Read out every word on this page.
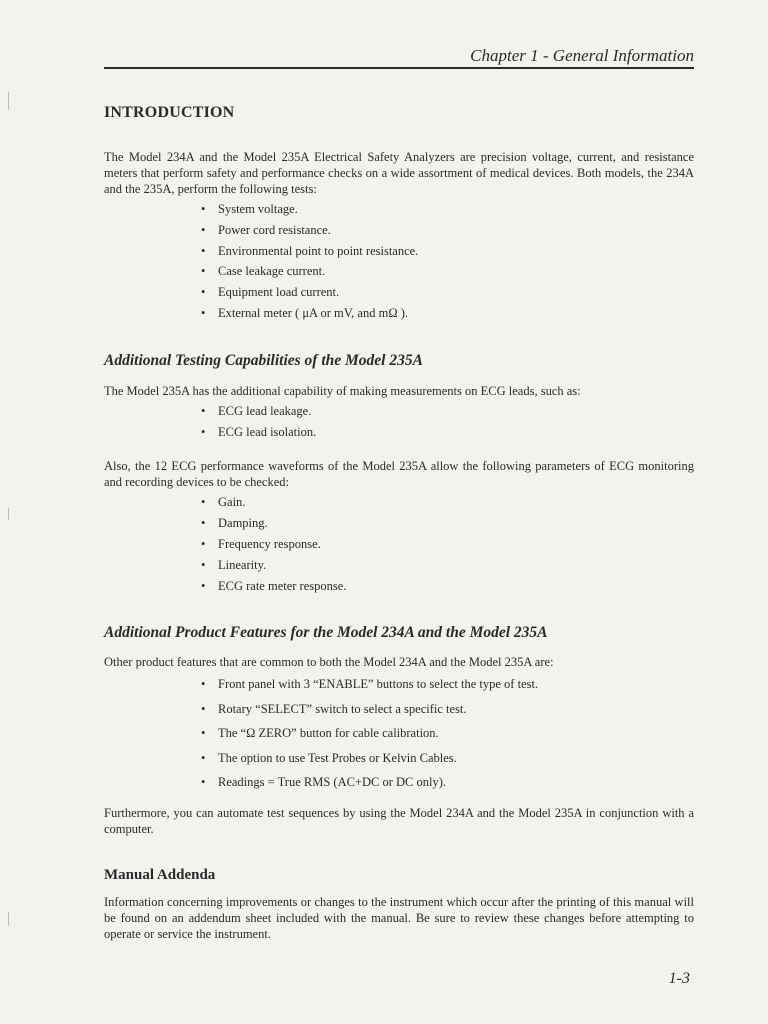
Chapter 1 - General Information
INTRODUCTION

The Model 234A and the Model 235A Electrical Safety Analyzers are precision voltage, current, and resistance meters that perform safety and performance checks on a wide assortment of medical devices. Both models, the 234A and the 235A, perform the following tests:

• System voltage.
• Power cord resistance.
• Environmental point to point resistance.
• Case leakage current.
• Equipment load current.
• External meter ( μA or mV, and mΩ ).
Additional Testing Capabilities of the Model 235A

The Model 235A has the additional capability of making measurements on ECG leads, such as:

• ECG lead leakage.
• ECG lead isolation.

Also, the 12 ECG performance waveforms of the Model 235A allow the following parameters of ECG monitoring and recording devices to be checked:

• Gain.
• Damping.
• Frequency response.
• Linearity.
• ECG rate meter response.
Additional Product Features for the Model 234A and the Model 235A

Other product features that are common to both the Model 234A and the Model 235A are:

• Front panel with 3 “ENABLE” buttons to select the type of test.
• Rotary “SELECT” switch to select a specific test.
• The “Ω ZERO” button for cable calibration.
• The option to use Test Probes or Kelvin Cables.
• Readings = True RMS (AC+DC or DC only).

Furthermore, you can automate test sequences by using the Model 234A and the Model 235A in conjunction with a computer.

Manual Addenda

Information concerning improvements or changes to the instrument which occur after the printing of this manual will be found on an addendum sheet included with the manual. Be sure to review these changes before attempting to operate or service the instrument.

1-3
